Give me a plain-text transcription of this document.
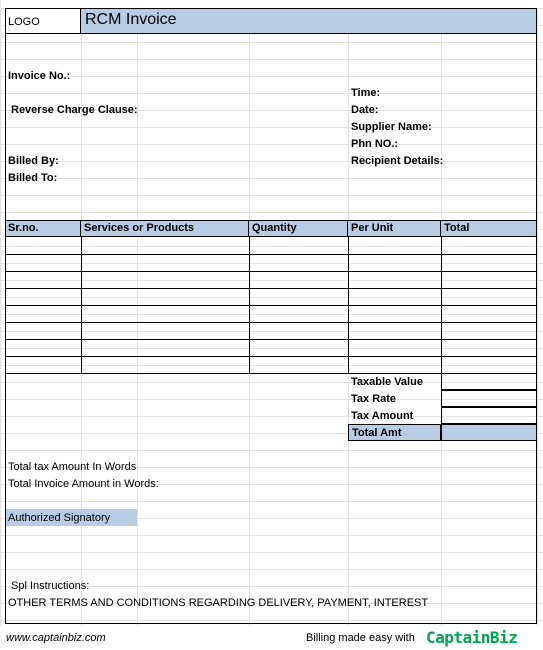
LOGO	RCM Invoice
Invoice No.:
Time:
Reverse Charge Clause:	Date:
Supplier Name:
Phn NO.:
Billed By:	Recipient Details:
Billed To:
Sr.no.	Services or Products	Quantity	Per Unit	Total
Taxable Value
Tax Rate
Tax Amount
Total Amt
Total tax Amount In Words
Total Invoice Amount in Words:
Authorized Signatory
Spl Instructions:
OTHER TERMS AND CONDITIONS REGARDING DELIVERY, PAYMENT, INTEREST
www.captainbiz.com	Billing made easy with CaptainBiz
